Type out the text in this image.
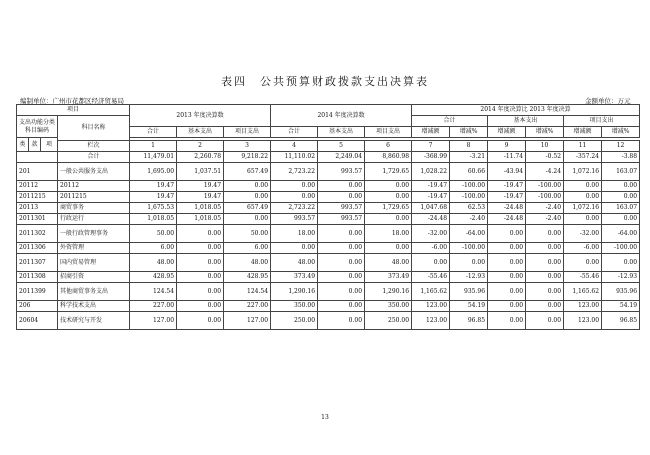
表四　公共预算财政拨款支出决算表
编制单位：广州市花都区经济贸易局	金额单位：万元
项目				2013 年度决算数			2014 年度决算数			2014 年度决算比 2013 年度决算					
支出功能分类科目编码			科目名称							合计		基本支出		项目支出	
				合计	基本支出	项目支出	合计	基本支出	项目支出	增减额	增减%	增减额	增减%	增减额	增减%

类	款	项													
			栏次	1	2	3	4	5	6	7	8	9	10	11	12
			合计	11,479.01	2,260.78	9,218.22	11,110.02	2,249.04	8,860.98	-368.99	-3.21	-11.74	-0.52	-357.24	-3.88
201			一般公共服务支出	1,695.00	1,037.51	657.49	2,723.22	993.57	1,729.65	1,028.22	60.66	-43.94	-4.24	1,072.16	163.07
20112			20112	19.47	19.47	0.00	0.00	0.00	0.00	-19.47	-100.00	-19.47	-100.00	0.00	0.00
2011215			2011215	19.47	19.47	0.00	0.00	0.00	0.00	-19.47	-100.00	-19.47	-100.00	0.00	0.00
20113			商贸事务	1,675.53	1,018.05	657.49	2,723.22	993.57	1,729.65	1,047.68	62.53	-24.48	-2.40	1,072.16	163.07
2011301			行政运行	1,018.05	1,018.05	0.00	993.57	993.57	0.00	-24.48	-2.40	-24.48	-2.40	0.00	0.00
2011302			一般行政管理事务	50.00	0.00	50.00	18.00	0.00	18.00	-32.00	-64.00	0.00	0.00	-32.00	-64.00
2011306			外资管理	6.00	0.00	6.00	0.00	0.00	0.00	-6.00	-100.00	0.00	0.00	-6.00	-100.00
2011307			国内贸易管理	48.00	0.00	48.00	48.00	0.00	48.00	0.00	0.00	0.00	0.00	0.00	0.00
2011308			招商引资	428.95	0.00	428.95	373.49	0.00	373.49	-55.46	-12.93	0.00	0.00	-55.46	-12.93
2011399			其他商贸事务支出	124.54	0.00	124.54	1,290.16	0.00	1,290.16	1,165.62	935.96	0.00	0.00	1,165.62	935.96
206			科学技术支出	227.00	0.00	227.00	350.00	0.00	350.00	123.00	54.19	0.00	0.00	123.00	54.19
20604			技术研究与开发	127.00	0.00	127.00	250.00	0.00	250.00	123.00	96.85	0.00	0.00	123.00	96.85
13
